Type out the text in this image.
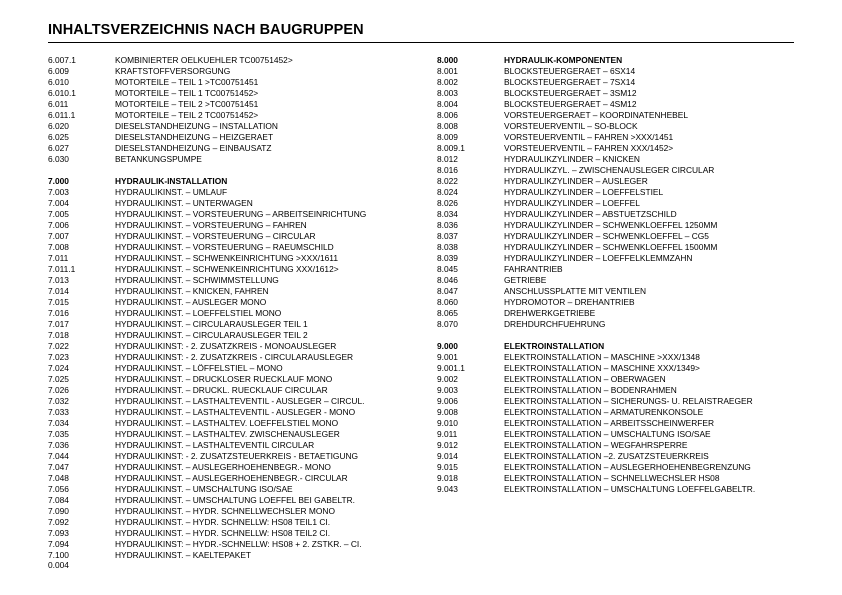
INHALTSVERZEICHNIS NACH BAUGRUPPEN
6.007.1	KOMBINIERTER OELKUEHLER TC00751452>
6.009	KRAFTSTOFFVERSORGUNG
6.010	MOTORTEILE – TEIL 1 >TC00751451
6.010.1	MOTORTEILE – TEIL 1 TC00751452>
6.011	MOTORTEILE – TEIL 2 >TC00751451
6.011.1	MOTORTEILE – TEIL 2 TC00751452>
6.020	DIESELSTANDHEIZUNG – INSTALLATION
6.025	DIESELSTANDHEIZUNG – HEIZGERAET
6.027	DIESELSTANDHEIZUNG – EINBAUSATZ
6.030	BETANKUNGSPUMPE
7.000	HYDRAULIK-INSTALLATION
7.003	HYDRAULIKINST. – UMLAUF
7.004	HYDRAULIKINST. – UNTERWAGEN
7.005	HYDRAULIKINST. – VORSTEUERUNG – ARBEITSEINRICHTUNG
7.006	HYDRAULIKINST. – VORSTEUERUNG – FAHREN
7.007	HYDRAULIKINST. – VORSTEUERUNG – CIRCULAR
7.008	HYDRAULIKINST. – VORSTEUERUNG – RAEUMSCHILD
7.011	HYDRAULIKINST. – SCHWENKEINRICHTUNG >XXX/1611
7.011.1	HYDRAULIKINST. – SCHWENKEINRICHTUNG XXX/1612>
7.013	HYDRAULIKINST. – SCHWIMMSTELLUNG
7.014	HYDRAULIKINST. – KNICKEN, FAHREN
7.015	HYDRAULIKINST. – AUSLEGER MONO
7.016	HYDRAULIKINST. – LOEFFELSTIEL MONO
7.017	HYDRAULIKINST. – CIRCULARAUSLEGER TEIL 1
7.018	HYDRAULIKINST. – CIRCULARAUSLEGER TEIL 2
7.022	HYDRAULIKINST: - 2. ZUSATZKREIS - MONOAUSLEGER
7.023	HYDRAULIKINST: - 2. ZUSATZKREIS - CIRCULARAUSLEGER
7.024	HYDRAULIKINST. – LÖFFELSTIEL – MONO
7.025	HYDRAULIKINST. – DRUCKLOSER RUECKLAUF MONO
7.026	HYDRAULIKINST. – DRUCKL. RUECKLAUF CIRCULAR
7.032	HYDRAULIKINST. – LASTHALTEVENTIL - AUSLEGER – CIRCUL.
7.033	HYDRAULIKINST. – LASTHALTEVENTIL - AUSLEGER - MONO
7.034	HYDRAULIKINST. – LASTHALTEV. LOEFFELSTIEL MONO
7.035	HYDRAULIKINST. – LASTHALTEV. ZWISCHENAUSLEGER
7.036	HYDRAULIKINST. – LASTHALTEVENTIL CIRCULAR
7.044	HYDRAULIKINST: - 2. ZUSATZSTEUERKREIS - BETAETIGUNG
7.047	HYDRAULIKINST. – AUSLEGERHOEHENBEGR.- MONO
7.048	HYDRAULIKINST. – AUSLEGERHOEHENBEGR.- CIRCULAR
7.056	HYDRAULIKINST. – UMSCHALTUNG ISO/SAE
7.084	HYDRAULIKINST. – UMSCHALTUNG LOEFFEL BEI GABELTR.
7.090	HYDRAULIKINST. – HYDR. SCHNELLWECHSLER MONO
7.092	HYDRAULIKINST. – HYDR. SCHNELLW: HS08 TEIL1 CI.
7.093	HYDRAULIKINST. – HYDR. SCHNELLW: HS08 TEIL2 CI.
7.094	HYDRAULIKINST: – HYDR.-SCHNELLW: HS08 + 2. ZSTKR. – CI.
7.100	HYDRAULIKINST. – KAELTEPAKET
8.000	HYDRAULIK-KOMPONENTEN
8.001	BLOCKSTEUERGERAET – 6SX14
8.002	BLOCKSTEUERGERAET – 7SX14
8.003	BLOCKSTEUERGERAET – 3SM12
8.004	BLOCKSTEUERGERAET – 4SM12
8.006	VORSTEUERGERAET – KOORDINATENHEBEL
8.008	VORSTEUERVENTIL – SO-BLOCK
8.009	VORSTEUERVENTIL – FAHREN >XXX/1451
8.009.1	VORSTEUERVENTIL – FAHREN XXX/1452>
8.012	HYDRAULIKZYLINDER – KNICKEN
8.016	HYDRAULIKZYL. – ZWISCHENAUSLEGER CIRCULAR
8.022	HYDRAULIKZYLINDER – AUSLEGER
8.024	HYDRAULIKZYLINDER – LOEFFELSTIEL
8.026	HYDRAULIKZYLINDER – LOEFFEL
8.034	HYDRAULIKZYLINDER – ABSTUETZSCHILD
8.036	HYDRAULIKZYLINDER – SCHWENKLOEFFEL 1250MM
8.037	HYDRAULIKZYLINDER – SCHWENKLOEFFEL – CG5
8.038	HYDRAULIKZYLINDER – SCHWENKLOEFFEL 1500MM
8.039	HYDRAULIKZYLINDER – LOEFFELKLEMMZAHN
8.045	FAHRANTRIEB
8.046	GETRIEBE
8.047	ANSCHLUSSPLATTE MIT VENTILEN
8.060	HYDROMOTOR – DREHANTRIEB
8.065	DREHWERKGETRIEBE
8.070	DREHDURCHFUEHRUNG
9.000	ELEKTROINSTALLATION
9.001	ELEKTROINSTALLATION – MASCHINE >XXX/1348
9.001.1	ELEKTROINSTALLATION – MASCHINE XXX/1349>
9.002	ELEKTROINSTALLATION – OBERWAGEN
9.003	ELEKTROINSTALLATION – BODENRAHMEN
9.006	ELEKTROINSTALLATION – SICHERUNGS- U. RELAISTRAEGER
9.008	ELEKTROINSTALLATION – ARMATURENKONSOLE
9.010	ELEKTROINSTALLATION – ARBEITSSCHEINWERFER
9.011	ELEKTROINSTALLATION – UMSCHALTUNG ISO/SAE
9.012	ELEKTROINSTALLATION – WEGFAHRSPERRE
9.014	ELEKTROINSTALLATION –2. ZUSATZSTEUERKREIS
9.015	ELEKTROINSTALLATION – AUSLEGERHOEHENBEGRENZUNG
9.018	ELEKTROINSTALLATION – SCHNELLWECHSLER HS08
9.043	ELEKTROINSTALLATION – UMSCHALTUNG LOEFFELGABELTR.
0.004
